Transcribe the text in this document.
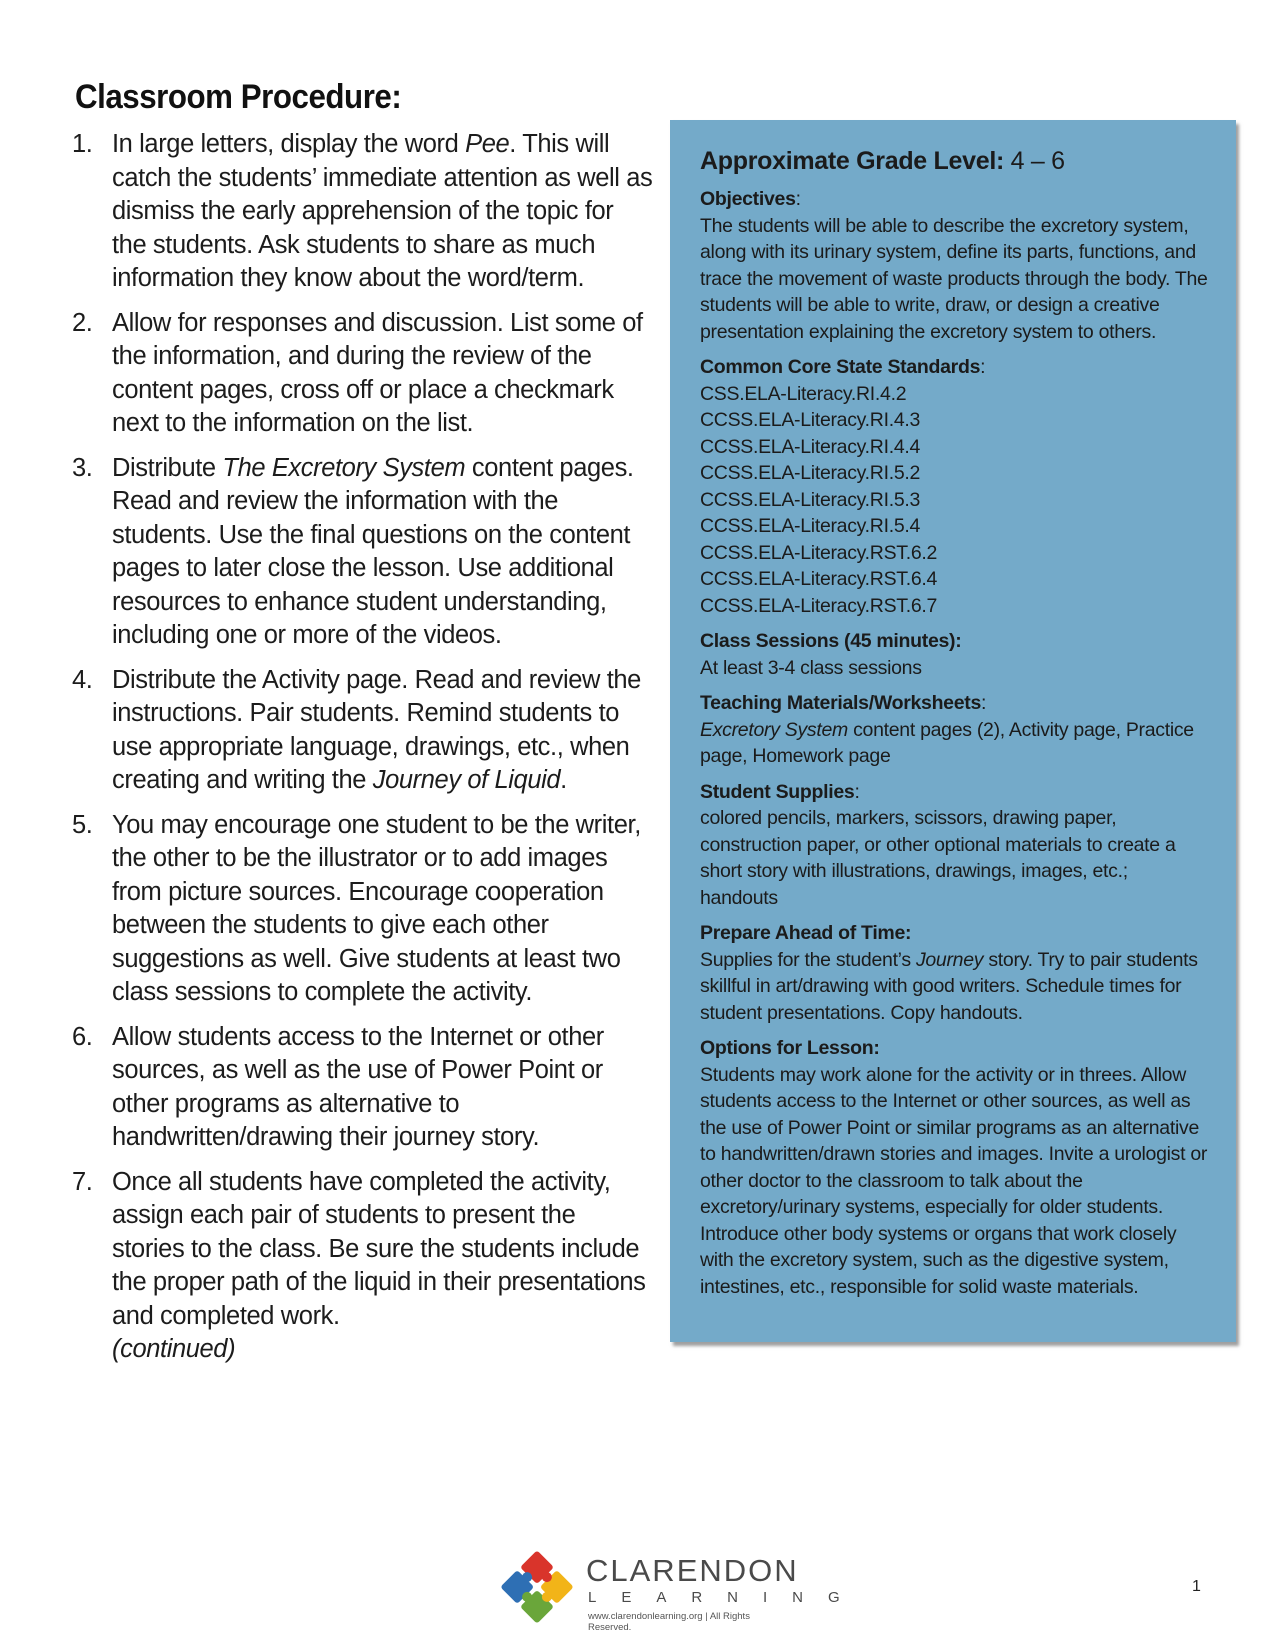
Classroom Procedure:
1. In large letters, display the word Pee. This will catch the students’ immediate attention as well as dismiss the early apprehension of the topic for the students. Ask students to share as much information they know about the word/term.
2. Allow for responses and discussion. List some of the information, and during the review of the content pages, cross off or place a checkmark next to the information on the list.
3. Distribute The Excretory System content pages. Read and review the information with the students. Use the final questions on the content pages to later close the lesson. Use additional resources to enhance student understanding, including one or more of the videos.
4. Distribute the Activity page. Read and review the instructions. Pair students. Remind students to use appropriate language, drawings, etc., when creating and writing the Journey of Liquid.
5. You may encourage one student to be the writer, the other to be the illustrator or to add images from picture sources. Encourage cooperation between the students to give each other suggestions as well. Give students at least two class sessions to complete the activity.
6. Allow students access to the Internet or other sources, as well as the use of Power Point or other programs as alternative to handwritten/drawing their journey story.
7. Once all students have completed the activity, assign each pair of students to present the stories to the class. Be sure the students include the proper path of the liquid in their presentations and completed work.
(continued)
Approximate Grade Level: 4 – 6
Objectives:
The students will be able to describe the excretory system, along with its urinary system, define its parts, functions, and trace the movement of waste products through the body. The students will be able to write, draw, or design a creative presentation explaining the excretory system to others.
Common Core State Standards:
CSS.ELA-Literacy.RI.4.2
CCSS.ELA-Literacy.RI.4.3
CCSS.ELA-Literacy.RI.4.4
CCSS.ELA-Literacy.RI.5.2
CCSS.ELA-Literacy.RI.5.3
CCSS.ELA-Literacy.RI.5.4
CCSS.ELA-Literacy.RST.6.2
CCSS.ELA-Literacy.RST.6.4
CCSS.ELA-Literacy.RST.6.7
Class Sessions (45 minutes):
At least 3-4 class sessions
Teaching Materials/Worksheets:
Excretory System content pages (2), Activity page, Practice page, Homework page
Student Supplies:
colored pencils, markers, scissors, drawing paper, construction paper, or other optional materials to create a short story with illustrations, drawings, images, etc.;
handouts
Prepare Ahead of Time:
Supplies for the student’s Journey story. Try to pair students skillful in art/drawing with good writers. Schedule times for student presentations. Copy handouts.
Options for Lesson:
Students may work alone for the activity or in threes. Allow students access to the Internet or other sources, as well as the use of Power Point or similar programs as an alternative to handwritten/drawn stories and images. Invite a urologist or other doctor to the classroom to talk about the excretory/urinary systems, especially for older students. Introduce other body systems or organs that work closely with the excretory system, such as the digestive system, intestines, etc., responsible for solid waste materials.
CLARENDON
LEARNING
www.clarendonlearning.org | All Rights Reserved.
1
